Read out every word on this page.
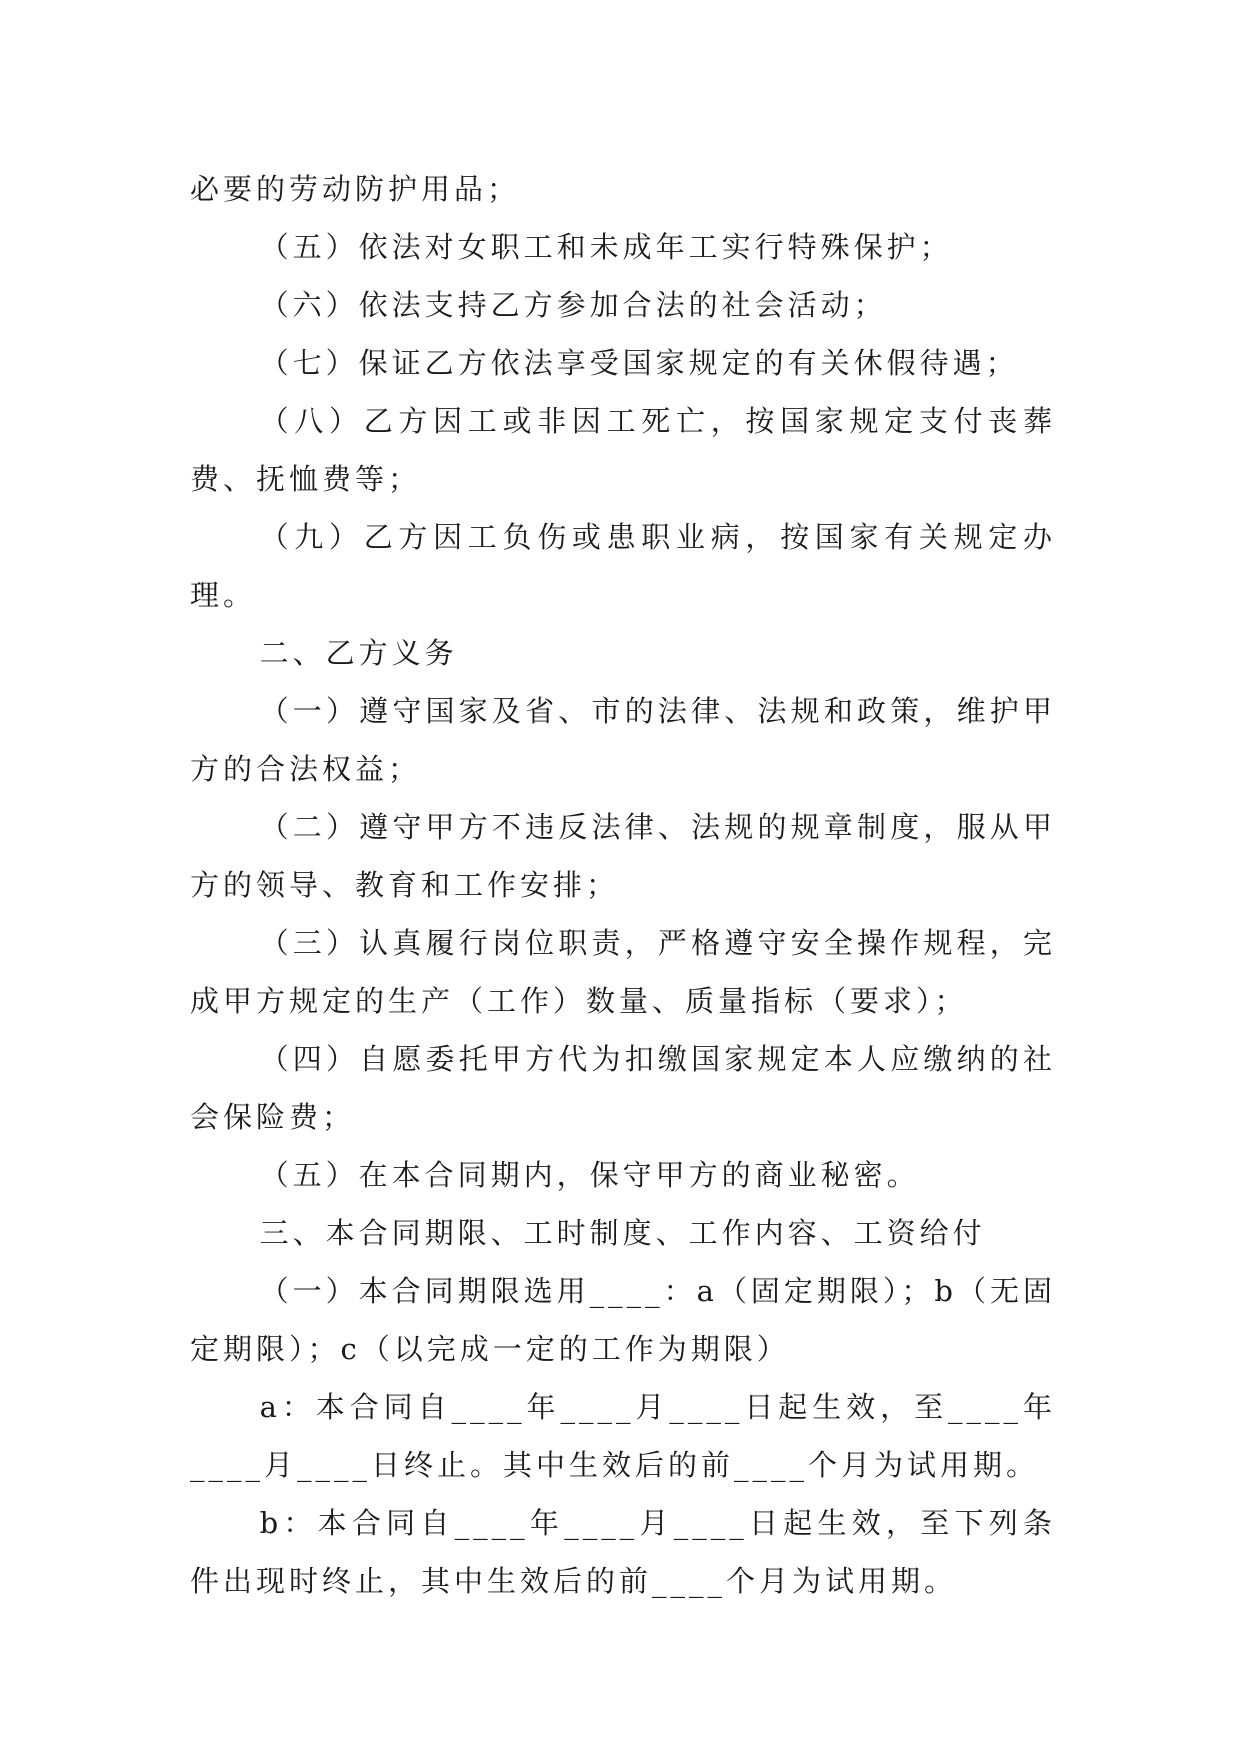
必要的劳动防护用品；

（五）依法对女职工和未成年工实行特殊保护；

（六）依法支持乙方参加合法的社会活动；

（七）保证乙方依法享受国家规定的有关休假待遇；

（八）乙方因工或非因工死亡，按国家规定支付丧葬费、抚恤费等；

（九）乙方因工负伤或患职业病，按国家有关规定办理。

二、乙方义务

（一）遵守国家及省、市的法律、法规和政策，维护甲方的合法权益；

（二）遵守甲方不违反法律、法规的规章制度，服从甲方的领导、教育和工作安排；

（三）认真履行岗位职责，严格遵守安全操作规程，完成甲方规定的生产（工作）数量、质量指标（要求）；

（四）自愿委托甲方代为扣缴国家规定本人应缴纳的社会保险费；

（五）在本合同期内，保守甲方的商业秘密。

三、本合同期限、工时制度、工作内容、工资给付

（一）本合同期限选用____：a（固定期限）；b（无固定期限）；c（以完成一定的工作为期限）

a：本合同自____年____月____日起生效，至____年____月____日终止。其中生效后的前____个月为试用期。

b：本合同自____年____月____日起生效，至下列条件出现时终止，其中生效后的前____个月为试用期。
